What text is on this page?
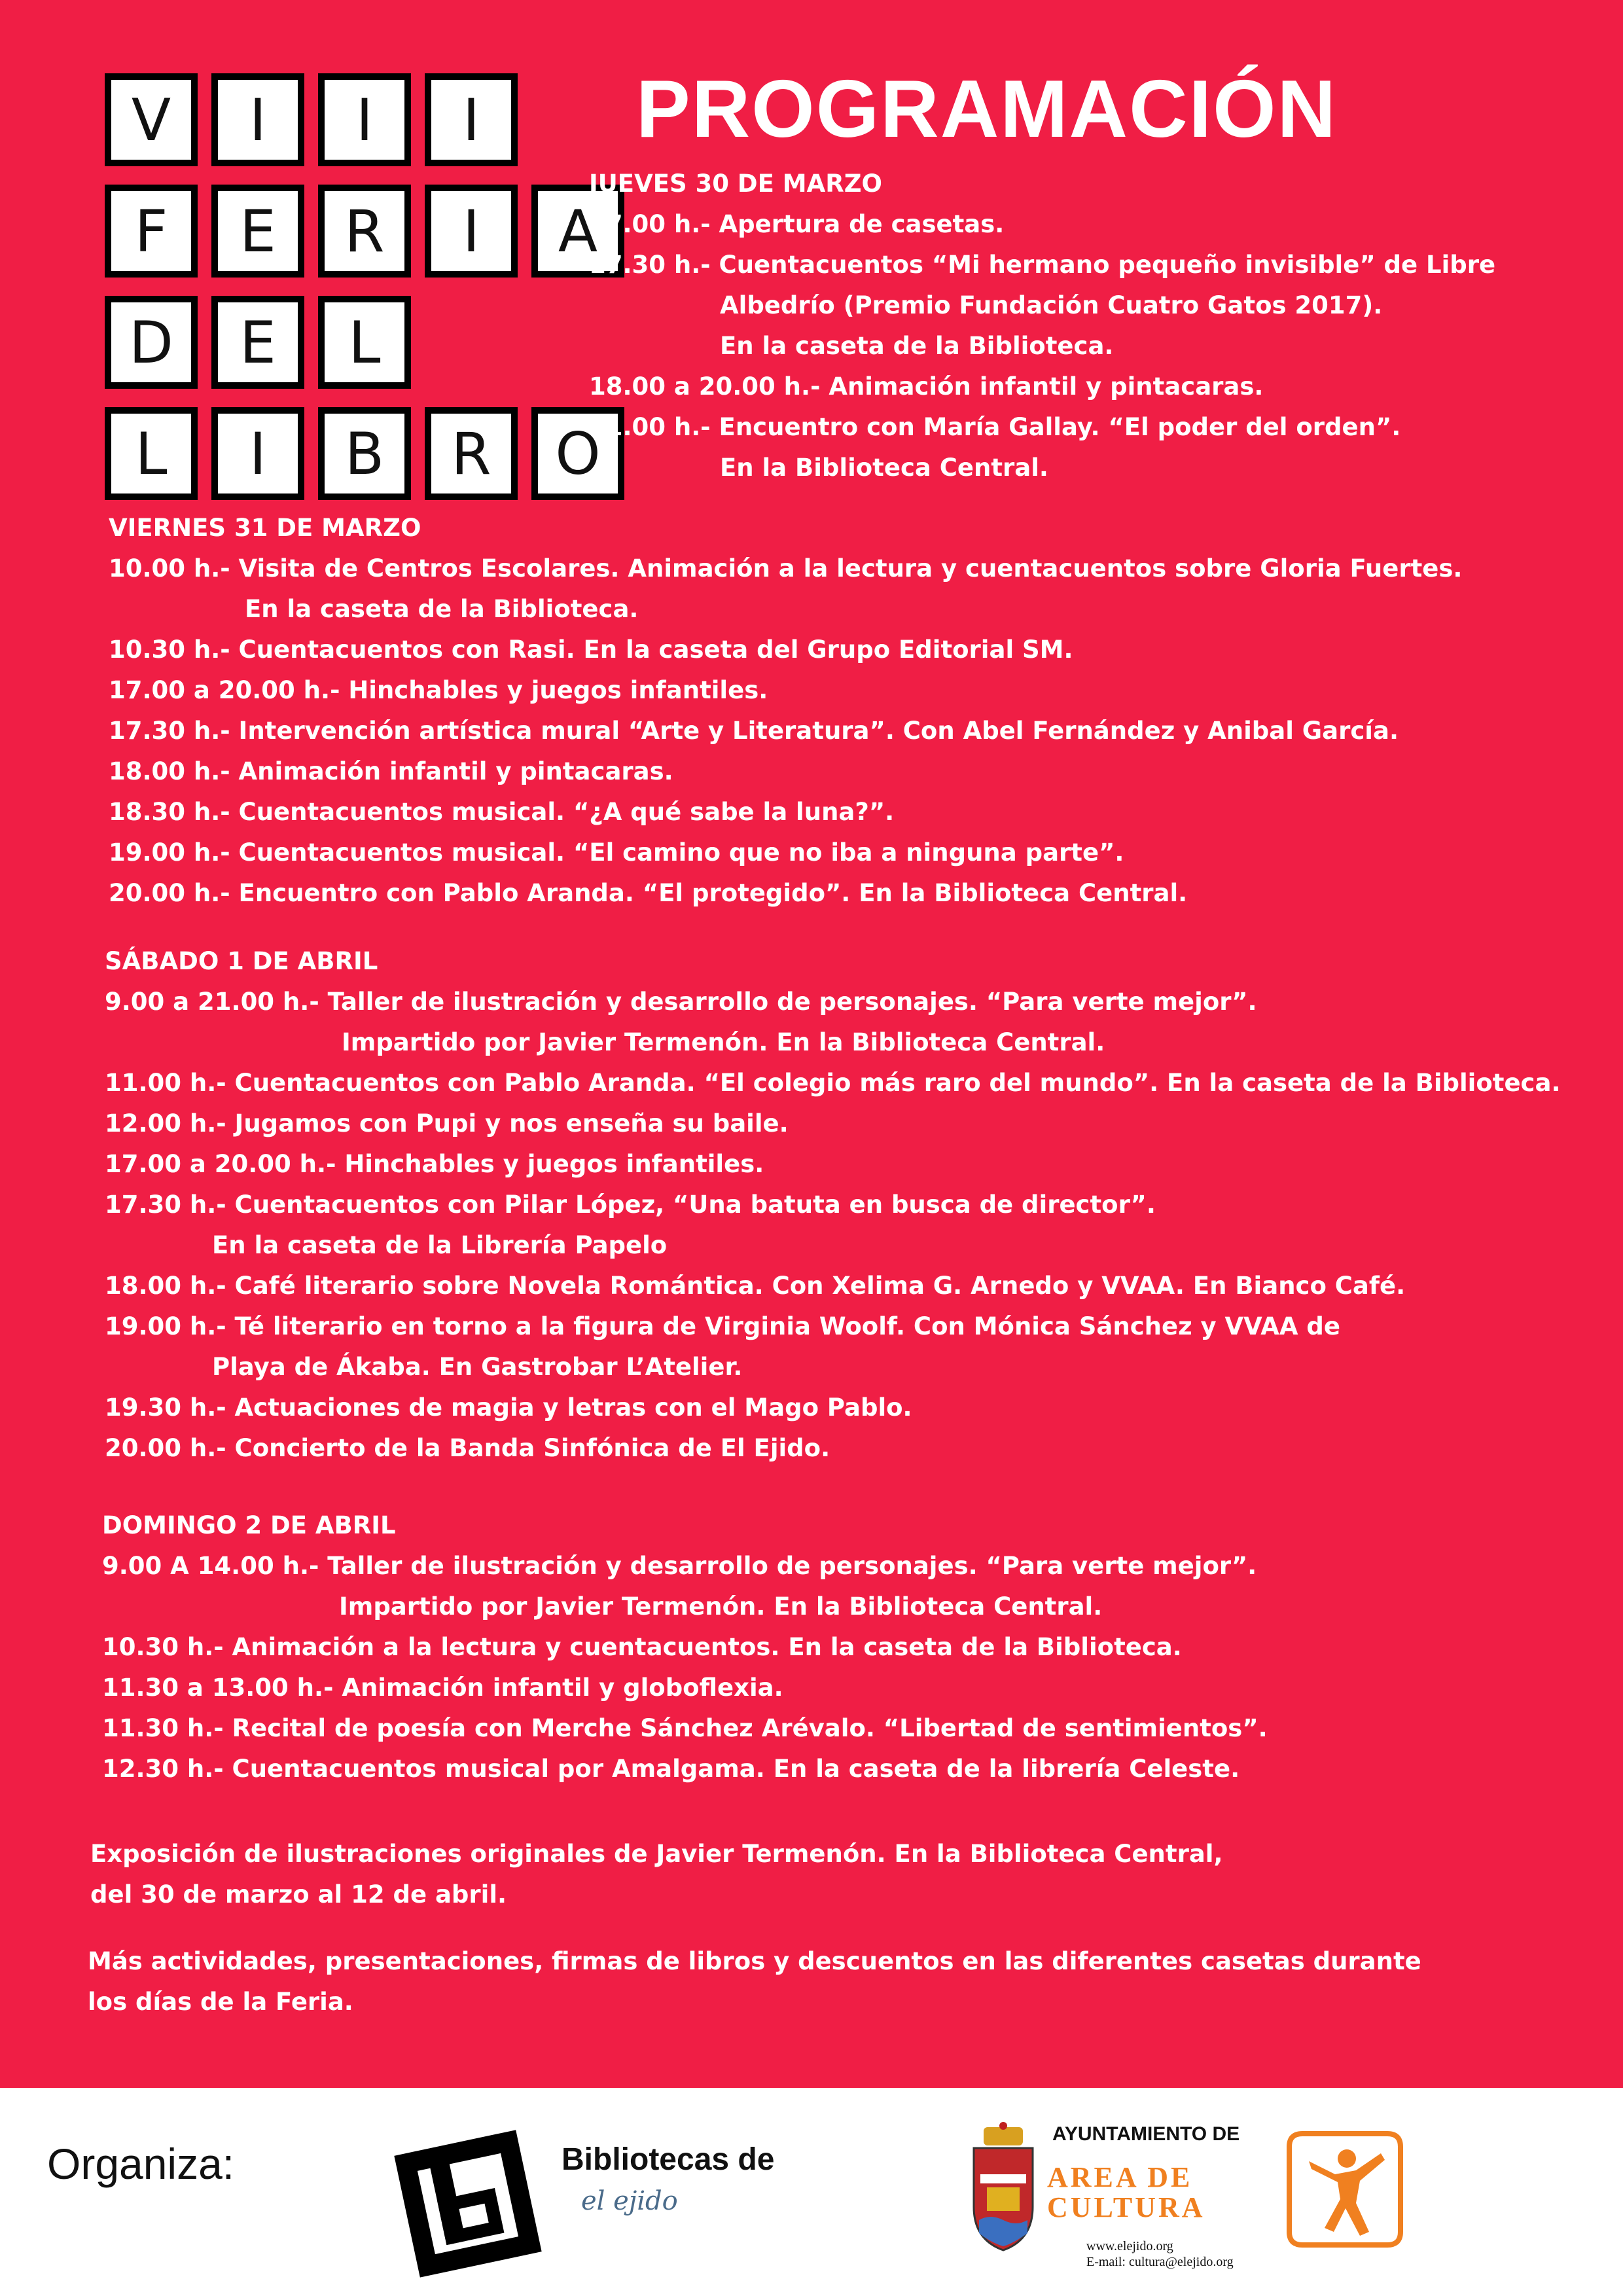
V	I	I	I
F	E	R	I	A
D	E	L
L	I	B	R	O
PROGRAMACIÓN
JUEVES 30 DE MARZO
17.00 h.- Apertura de casetas.
17.30 h.- Cuentacuentos “Mi hermano pequeño invisible” de Libre
Albedrío (Premio Fundación Cuatro Gatos 2017).
En la caseta de la Biblioteca.
18.00 a 20.00 h.- Animación infantil y pintacaras.
21.00 h.- Encuentro con María Gallay. “El poder del orden”.
En la Biblioteca Central.
VIERNES 31 DE MARZO
10.00 h.- Visita de Centros Escolares. Animación a la lectura y cuentacuentos sobre Gloria Fuertes.
En la caseta de la Biblioteca.
10.30 h.- Cuentacuentos con Rasi. En la caseta del Grupo Editorial SM.
17.00 a 20.00 h.- Hinchables y juegos infantiles.
17.30 h.- Intervención artística mural “Arte y Literatura”. Con Abel Fernández y Anibal García.
18.00 h.- Animación infantil y pintacaras.
18.30 h.- Cuentacuentos musical. “¿A qué sabe la luna?”.
19.00 h.- Cuentacuentos musical. “El camino que no iba a ninguna parte”.
20.00 h.- Encuentro con Pablo Aranda. “El protegido”. En la Biblioteca Central.
SÁBADO 1 DE ABRIL
9.00 a 21.00 h.- Taller de ilustración y desarrollo de personajes. “Para verte mejor”.
Impartido por Javier Termenón. En la Biblioteca Central.
11.00 h.- Cuentacuentos con Pablo Aranda. “El colegio más raro del mundo”. En la caseta de la Biblioteca.
12.00 h.- Jugamos con Pupi y nos enseña su baile.
17.00 a 20.00 h.- Hinchables y juegos infantiles.
17.30 h.- Cuentacuentos con Pilar López, “Una batuta en busca de director”.
En la caseta de la Librería Papelo
18.00 h.- Café literario sobre Novela Romántica. Con Xelima G. Arnedo y VVAA. En Bianco Café.
19.00 h.- Té literario en torno a la figura de Virginia Woolf. Con Mónica Sánchez y VVAA de
Playa de Ákaba. En Gastrobar L’Atelier.
19.30 h.- Actuaciones de magia y letras con el Mago Pablo.
20.00 h.- Concierto de la Banda Sinfónica de El Ejido.
DOMINGO 2 DE ABRIL
9.00 A 14.00 h.- Taller de ilustración y desarrollo de personajes. “Para verte mejor”.
Impartido por Javier Termenón. En la Biblioteca Central.
10.30 h.- Animación a la lectura y cuentacuentos. En la caseta de la Biblioteca.
11.30 a 13.00 h.- Animación infantil y globoflexia.
11.30 h.- Recital de poesía con Merche Sánchez Arévalo. “Libertad de sentimientos”.
12.30 h.- Cuentacuentos musical por Amalgama. En la caseta de la librería Celeste.
Exposición de ilustraciones originales de Javier Termenón. En la Biblioteca Central,
del 30 de marzo al 12 de abril.
Más actividades, presentaciones, firmas de libros y descuentos en las diferentes casetas durante
los días de la Feria.
Organiza:	Bibliotecas de
el ejido
AYUNTAMIENTO DE
AREA DE
CULTURA
www.elejido.org
E-mail: cultura@elejido.org
